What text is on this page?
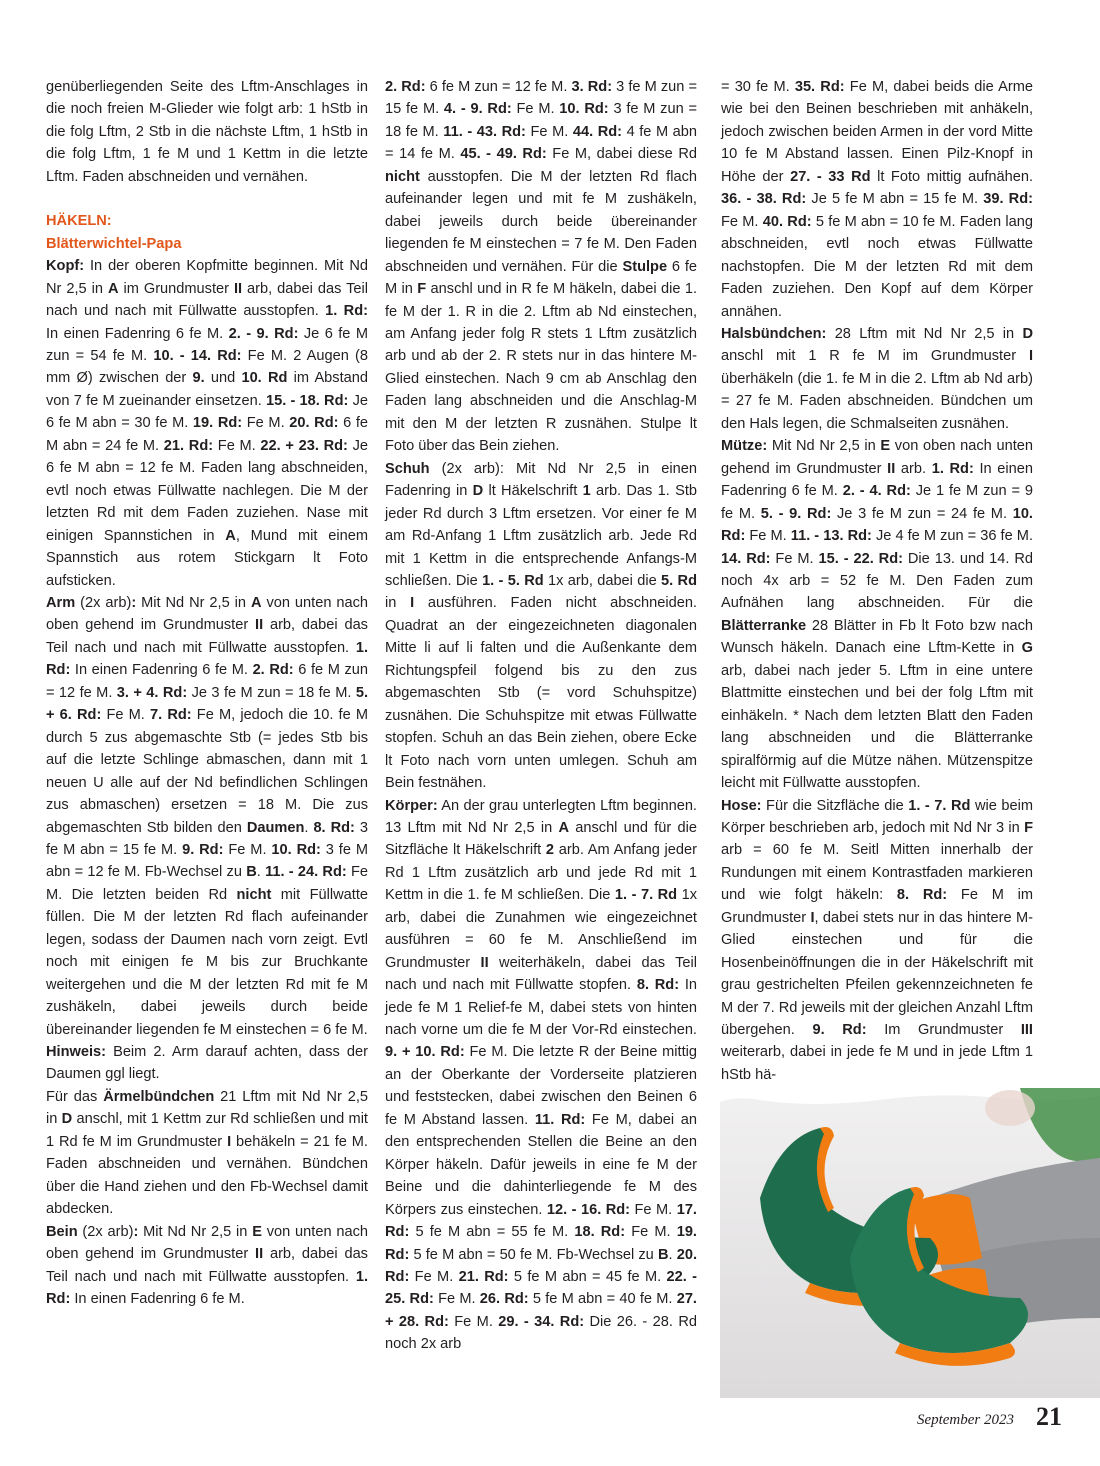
genüberliegenden Seite des Lftm-Anschlages in die noch freien M-Glieder wie folgt arb: 1 hStb in die folg Lftm, 2 Stb in die nächste Lftm, 1 hStb in die folg Lftm, 1 fe M und 1 Kettm in die letzte Lftm. Faden abschneiden und vernähen.

HÄKELN:

Blätterwichtel-Papa

Kopf: In der oberen Kopfmitte beginnen. Mit Nd Nr 2,5 in A im Grundmuster II arb, dabei das Teil nach und nach mit Füllwatte ausstopfen. 1. Rd: In einen Fadenring 6 fe M. 2. - 9. Rd: Je 6 fe M zun = 54 fe M. 10. - 14. Rd: Fe M. 2 Augen (8 mm Ø) zwischen der 9. und 10. Rd im Abstand von 7 fe M zueinander einsetzen. 15. - 18. Rd: Je 6 fe M abn = 30 fe M. 19. Rd: Fe M. 20. Rd: 6 fe M abn = 24 fe M. 21. Rd: Fe M. 22. + 23. Rd: Je 6 fe M abn = 12 fe M. Faden lang abschneiden, evtl noch etwas Füllwatte nachlegen. Die M der letzten Rd mit dem Faden zuziehen. Nase mit einigen Spannstichen in A, Mund mit einem Spannstich aus rotem Stickgarn lt Foto aufsticken.

Arm (2x arb): Mit Nd Nr 2,5 in A von unten nach oben gehend im Grundmuster II arb, dabei das Teil nach und nach mit Füllwatte ausstopfen. 1. Rd: In einen Fadenring 6 fe M. 2. Rd: 6 fe M zun = 12 fe M. 3. + 4. Rd: Je 3 fe M zun = 18 fe M. 5. + 6. Rd: Fe M. 7. Rd: Fe M, jedoch die 10. fe M durch 5 zus abgemaschte Stb (= jedes Stb bis auf die letzte Schlinge abmaschen, dann mit 1 neuen U alle auf der Nd befindlichen Schlingen zus abmaschen) ersetzen = 18 M. Die zus abgemaschten Stb bilden den Daumen. 8. Rd: 3 fe M abn = 15 fe M. 9. Rd: Fe M. 10. Rd: 3 fe M abn = 12 fe M. Fb-Wechsel zu B. 11. - 24. Rd: Fe M. Die letzten beiden Rd nicht mit Füllwatte füllen. Die M der letzten Rd flach aufeinander legen, sodass der Daumen nach vorn zeigt. Evtl noch mit einigen fe M bis zur Bruchkante weitergehen und die M der letzten Rd mit fe M zushäkeln, dabei jeweils durch beide übereinander liegenden fe M einstechen = 6 fe M.

Hinweis: Beim 2. Arm darauf achten, dass der Daumen ggl liegt.

Für das Ärmelbündchen 21 Lftm mit Nd Nr 2,5 in D anschl, mit 1 Kettm zur Rd schließen und mit 1 Rd fe M im Grundmuster I behäkeln = 21 fe M. Faden abschneiden und vernähen. Bündchen über die Hand ziehen und den Fb-Wechsel damit abdecken.

Bein (2x arb): Mit Nd Nr 2,5 in E von unten nach oben gehend im Grundmuster II arb, dabei das Teil nach und nach mit Füllwatte ausstopfen. 1. Rd: In einen Fadenring 6 fe M.

2. Rd: 6 fe M zun = 12 fe M. 3. Rd: 3 fe M zun = 15 fe M. 4. - 9. Rd: Fe M. 10. Rd: 3 fe M zun = 18 fe M. 11. - 43. Rd: Fe M. 44. Rd: 4 fe M abn = 14 fe M. 45. - 49. Rd: Fe M, dabei diese Rd nicht ausstopfen. Die M der letzten Rd flach aufeinander legen und mit fe M zushäkeln, dabei jeweils durch beide übereinander liegenden fe M einstechen = 7 fe M. Den Faden abschneiden und vernähen. Für die Stulpe 6 fe M in F anschl und in R fe M häkeln, dabei die 1. fe M der 1. R in die 2. Lftm ab Nd einstechen, am Anfang jeder folg R stets 1 Lftm zusätzlich arb und ab der 2. R stets nur in das hintere M-Glied einstechen. Nach 9 cm ab Anschlag den Faden lang abschneiden und die Anschlag-M mit den M der letzten R zusnähen. Stulpe lt Foto über das Bein ziehen.

Schuh (2x arb): Mit Nd Nr 2,5 in einen Fadenring in D lt Häkelschrift 1 arb. Das 1. Stb jeder Rd durch 3 Lftm ersetzen. Vor einer fe M am Rd-Anfang 1 Lftm zusätzlich arb. Jede Rd mit 1 Kettm in die entsprechende Anfangs-M schließen. Die 1. - 5. Rd 1x arb, dabei die 5. Rd in I ausführen. Faden nicht abschneiden. Quadrat an der eingezeichneten diagonalen Mitte li auf li falten und die Außenkante dem Richtungspfeil folgend bis zu den zus abgemaschten Stb (= vord Schuhspitze) zusnähen. Die Schuhspitze mit etwas Füllwatte stopfen. Schuh an das Bein ziehen, obere Ecke lt Foto nach vorn unten umlegen. Schuh am Bein festnähen.

Körper: An der grau unterlegten Lftm beginnen. 13 Lftm mit Nd Nr 2,5 in A anschl und für die Sitzfläche lt Häkelschrift 2 arb. Am Anfang jeder Rd 1 Lftm zusätzlich arb und jede Rd mit 1 Kettm in die 1. fe M schließen. Die 1. - 7. Rd 1x arb, dabei die Zunahmen wie eingezeichnet ausführen = 60 fe M. Anschließend im Grundmuster II weiterhäkeln, dabei das Teil nach und nach mit Füllwatte stopfen. 8. Rd: In jede fe M 1 Relief-fe M, dabei stets von hinten nach vorne um die fe M der Vor-Rd einstechen. 9. + 10. Rd: Fe M. Die letzte R der Beine mittig an der Oberkante der Vorderseite platzieren und feststecken, dabei zwischen den Beinen 6 fe M Abstand lassen. 11. Rd: Fe M, dabei an den entsprechenden Stellen die Beine an den Körper häkeln. Dafür jeweils in eine fe M der Beine und die dahinterliegende fe M des Körpers zus einstechen. 12. - 16. Rd: Fe M. 17. Rd: 5 fe M abn = 55 fe M. 18. Rd: Fe M. 19. Rd: 5 fe M abn = 50 fe M. Fb-Wechsel zu B. 20. Rd: Fe M. 21. Rd: 5 fe M abn = 45 fe M. 22. - 25. Rd: Fe M. 26. Rd: 5 fe M abn = 40 fe M. 27. + 28. Rd: Fe M. 29. - 34. Rd: Die 26. - 28. Rd noch 2x arb

= 30 fe M. 35. Rd: Fe M, dabei beids die Arme wie bei den Beinen beschrieben mit anhäkeln, jedoch zwischen beiden Armen in der vord Mitte 10 fe M Abstand lassen. Einen Pilz-Knopf in Höhe der 27. - 33 Rd lt Foto mittig aufnähen. 36. - 38. Rd: Je 5 fe M abn = 15 fe M. 39. Rd: Fe M. 40. Rd: 5 fe M abn = 10 fe M. Faden lang abschneiden, evtl noch etwas Füllwatte nachstopfen. Die M der letzten Rd mit dem Faden zuziehen. Den Kopf auf dem Körper annähen.

Halsbündchen: 28 Lftm mit Nd Nr 2,5 in D anschl mit 1 R fe M im Grundmuster I überhäkeln (die 1. fe M in die 2. Lftm ab Nd arb) = 27 fe M. Faden abschneiden. Bündchen um den Hals legen, die Schmalseiten zusnähen.

Mütze: Mit Nd Nr 2,5 in E von oben nach unten gehend im Grundmuster II arb. 1. Rd: In einen Fadenring 6 fe M. 2. - 4. Rd: Je 1 fe M zun = 9 fe M. 5. - 9. Rd: Je 3 fe M zun = 24 fe M. 10. Rd: Fe M. 11. - 13. Rd: Je 4 fe M zun = 36 fe M. 14. Rd: Fe M. 15. - 22. Rd: Die 13. und 14. Rd noch 4x arb = 52 fe M. Den Faden zum Aufnähen lang abschneiden. Für die Blätterranke 28 Blätter in Fb lt Foto bzw nach Wunsch häkeln. Danach eine Lftm-Kette in G arb, dabei nach jeder 5. Lftm in eine untere Blattmitte einstechen und bei der folg Lftm mit einhäkeln. * Nach dem letzten Blatt den Faden lang abschneiden und die Blätterranke spiralförmig auf die Mütze nähen. Mützenspitze leicht mit Füllwatte ausstopfen.

Hose: Für die Sitzfläche die 1. - 7. Rd wie beim Körper beschrieben arb, jedoch mit Nd Nr 3 in F arb = 60 fe M. Seitl Mitten innerhalb der Rundungen mit einem Kontrastfaden markieren und wie folgt häkeln: 8. Rd: Fe M im Grundmuster I, dabei stets nur in das hintere M-Glied einstechen und für die Hosenbeinöffnungen die in der Häkelschrift mit grau gestrichelten Pfeilen gekennzeichneten fe M der 7. Rd jeweils mit der gleichen Anzahl Lftm übergehen. 9. Rd: Im Grundmuster III weiterarb, dabei in jede fe M und in jede Lftm 1 hStb hä-

September 2023 21
